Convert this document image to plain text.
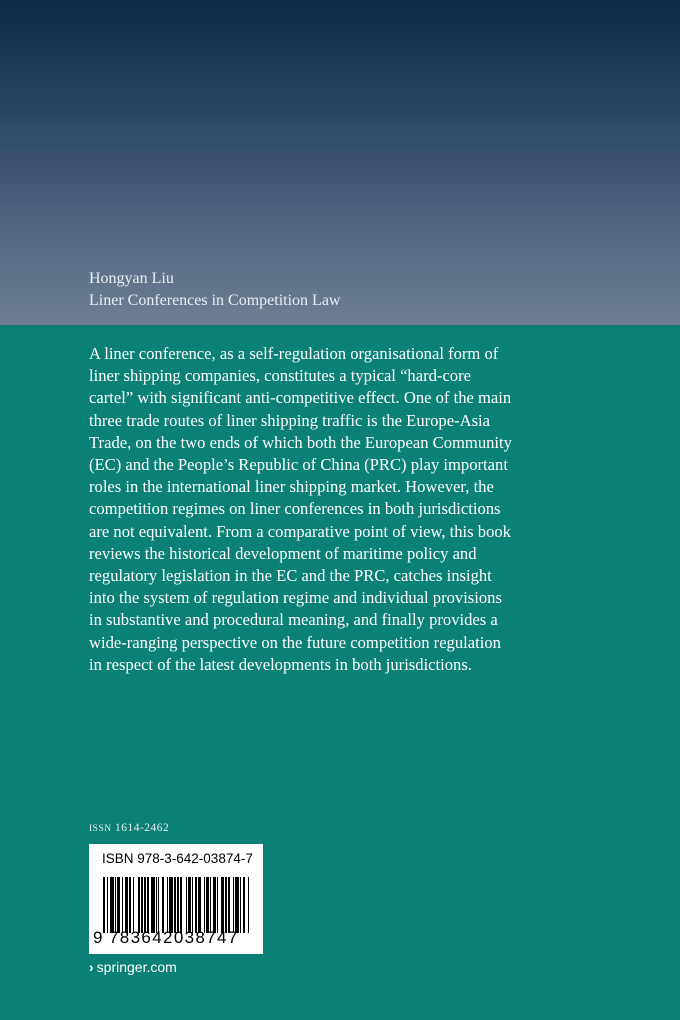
Hongyan Liu
Liner Conferences in Competition Law

A liner conference, as a self-regulation organisational form of liner shipping companies, constitutes a typical “hard-core cartel” with significant anti-competitive effect. One of the main three trade routes of liner shipping traffic is the Europe-Asia Trade, on the two ends of which both the European Community (EC) and the People’s Republic of China (PRC) play important roles in the international liner shipping market. However, the competition regimes on liner conferences in both jurisdictions are not equivalent. From a comparative point of view, this book reviews the historical development of maritime policy and regulatory legislation in the EC and the PRC, catches insight into the system of regulation regime and individual provisions in substantive and procedural meaning, and finally provides a wide-ranging perspective on the future competition regulation in respect of the latest developments in both jurisdictions.

ISSN 1614-2462
ISBN 978-3-642-03874-7
9 783642038747
› springer.com
